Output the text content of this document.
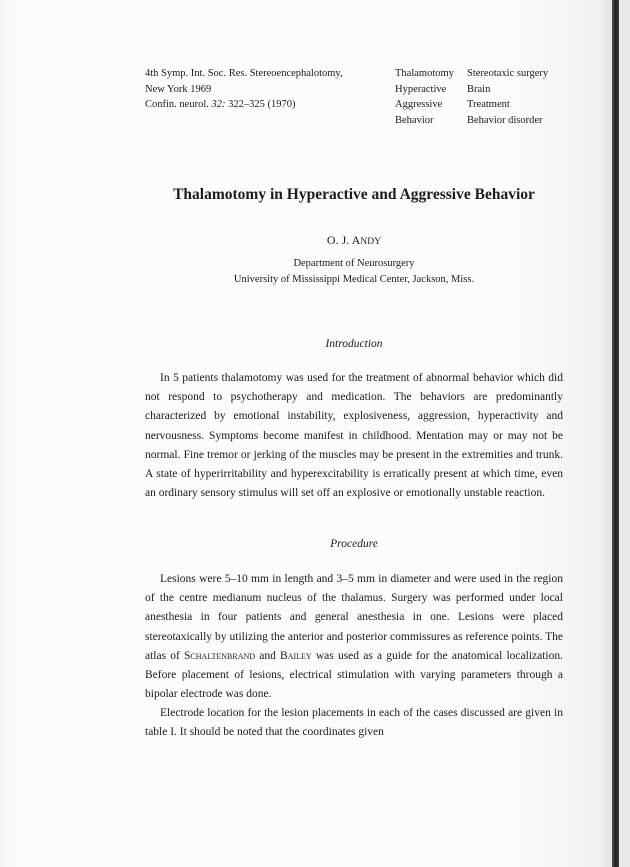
4th Symp. Int. Soc. Res. Stereoencephalotomy,
New York 1969
Confin. neurol. 32: 322–325 (1970)
Thalamotomy	Stereotaxic surgery
Hyperactive	Brain
Aggressive	Treatment
Behavior	Behavior disorder
Thalamotomy in Hyperactive and Aggressive Behavior
O. J. ANDY
Department of Neurosurgery
University of Mississippi Medical Center, Jackson, Miss.
Introduction

In 5 patients thalamotomy was used for the treatment of abnormal behavior which did not respond to psychotherapy and medication. The behaviors are predominantly characterized by emotional instability, explosiveness, aggression, hyperactivity and nervousness. Symptoms become manifest in childhood. Mentation may or may not be normal. Fine tremor or jerking of the muscles may be present in the extremities and trunk. A state of hyperirritability and hyperexcitability is erratically present at which time, even an ordinary sensory stimulus will set off an explosive or emotionally unstable reaction.

Procedure

Lesions were 5–10 mm in length and 3–5 mm in diameter and were used in the region of the centre medianum nucleus of the thalamus. Surgery was performed under local anesthesia in four patients and general anesthesia in one. Lesions were placed stereotaxically by utilizing the anterior and posterior commissures as reference points. The atlas of Schaltenbrand and Bailey was used as a guide for the anatomical localization. Before placement of lesions, electrical stimulation with varying parameters through a bipolar electrode was done.

Electrode location for the lesion placements in each of the cases discussed are given in table I. It should be noted that the coordinates given
